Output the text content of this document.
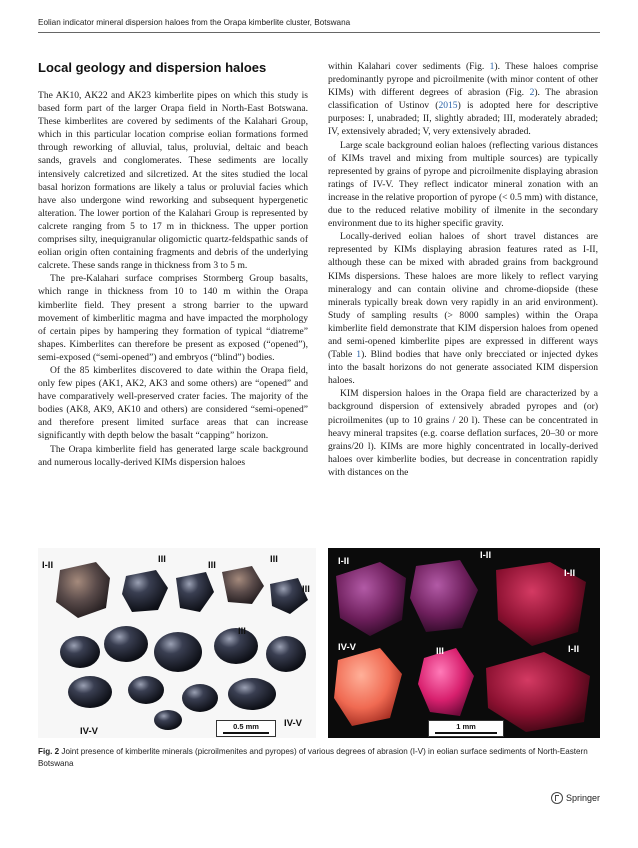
Eolian indicator mineral dispersion haloes from the Orapa kimberlite cluster, Botswana
Local geology and dispersion haloes

The AK10, AK22 and AK23 kimberlite pipes on which this study is based form part of the larger Orapa field in North-East Botswana. These kimberlites are covered by sediments of the Kalahari Group, which in this particular location comprise eolian formations formed through reworking of alluvial, talus, proluvial, deltaic and beach sands, gravels and conglomerates. These sediments are locally intensively calcretized and silcretized. At the sites studied the local basal horizon formations are likely a talus or proluvial facies which have also undergone wind reworking and subsequent hypergenetic alteration. The lower portion of the Kalahari Group is represented by calcrete ranging from 5 to 17 m in thickness. The upper portion comprises silty, inequigranular oligomictic quartz-feldspathic sands of eolian origin often containing fragments and debris of the underlying calcrete. These sands range in thickness from 3 to 5 m.

The pre-Kalahari surface comprises Stormberg Group basalts, which range in thickness from 10 to 140 m within the Orapa kimberlite field. They present a strong barrier to the upward movement of kimberlitic magma and have impacted the morphology of certain pipes by hampering they formation of typical “diatreme” shapes. Kimberlites can therefore be present as exposed (“opened”), semi-exposed (“semi-opened”) and embryos (“blind”) bodies.

Of the 85 kimberlites discovered to date within the Orapa field, only few pipes (AK1, AK2, AK3 and some others) are “opened” and have comparatively well-preserved crater facies. The majority of the bodies (AK8, AK9, AK10 and others) are considered “semi-opened” and therefore present limited surface areas that can increase significantly with depth below the basalt “capping” horizon.

The Orapa kimberlite field has generated large scale background and numerous locally-derived KIMs dispersion haloes

within Kalahari cover sediments (Fig. 1). These haloes comprise predominantly pyrope and picroilmenite (with minor content of other KIMs) with different degrees of abrasion (Fig. 2). The abrasion classification of Ustinov (2015) is adopted here for descriptive purposes: I, unabraded; II, slightly abraded; III, moderately abraded; IV, extensively abraded; V, very extensively abraded.

Large scale background eolian haloes (reflecting various distances of KIMs travel and mixing from multiple sources) are typically represented by grains of pyrope and picroilmenite displaying abrasion ratings of IV-V. They reflect indicator mineral zonation with an increase in the relative proportion of pyrope (< 0.5 mm) with distance, due to the reduced relative mobility of ilmenite in the secondary environment due to its higher specific gravity.

Locally-derived eolian haloes of short travel distances are represented by KIMs displaying abrasion features rated as I-II, although these can be mixed with abraded grains from background KIMs dispersions. These haloes are more likely to reflect varying mineralogy and can contain olivine and chrome-diopside (these minerals typically break down very rapidly in an arid environment). Study of sampling results (> 8000 samples) within the Orapa kimberlite field demonstrate that KIM dispersion haloes from opened and semi-opened kimberlite pipes are expressed in different ways (Table 1). Blind bodies that have only brecciated or injected dykes into the basalt horizons do not generate associated KIM dispersion haloes.

KIM dispersion haloes in the Orapa field are characterized by a background dispersion of extensively abraded pyropes and (or) picroilmenites (up to 10 grains / 20 l). These can be concentrated in heavy mineral trapsites (e.g. coarse deflation surfaces, 20–30 or more grains/20 l). KIMs are more highly concentrated in locally-derived haloes over kimberlite bodies, but decrease in concentration rapidly with distances on the

I-II
III
III
III
III
III
IV-V
IV-V	0.5 mm
I-II
I-II
I-II
IV-V	III	I-II
1 mm
Fig. 2 Joint presence of kimberlite minerals (picroilmenites and pyropes) of various degrees of abrasion (I-V) in eolian surface sediments of North-Eastern Botswana
Springer
